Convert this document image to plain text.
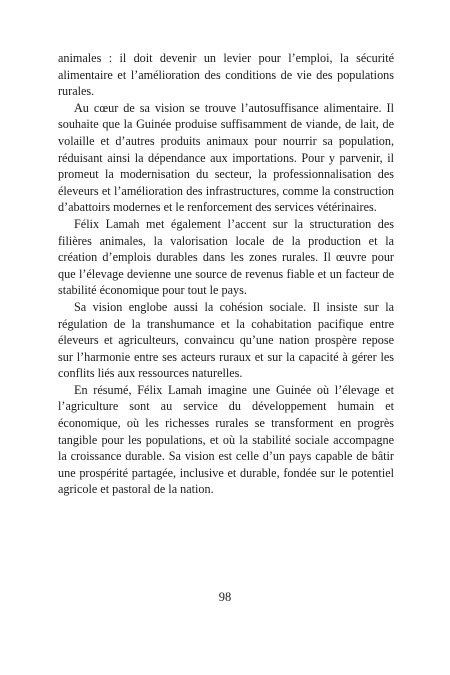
animales : il doit devenir un levier pour l’emploi, la sécurité alimentaire et l’amélioration des conditions de vie des populations rurales.

Au cœur de sa vision se trouve l’autosuffisance alimentaire. Il souhaite que la Guinée produise suffisamment de viande, de lait, de volaille et d’autres produits animaux pour nourrir sa population, réduisant ainsi la dépendance aux importations. Pour y parvenir, il promeut la modernisation du secteur, la professionnalisation des éleveurs et l’amélioration des infrastructures, comme la construction d’abattoirs modernes et le renforcement des services vétérinaires.

Félix Lamah met également l’accent sur la structuration des filières animales, la valorisation locale de la production et la création d’emplois durables dans les zones rurales. Il œuvre pour que l’élevage devienne une source de revenus fiable et un facteur de stabilité économique pour tout le pays.

Sa vision englobe aussi la cohésion sociale. Il insiste sur la régulation de la transhumance et la cohabitation pacifique entre éleveurs et agriculteurs, convaincu qu’une nation prospère repose sur l’harmonie entre ses acteurs ruraux et sur la capacité à gérer les conflits liés aux ressources naturelles.

En résumé, Félix Lamah imagine une Guinée où l’élevage et l’agriculture sont au service du développement humain et économique, où les richesses rurales se transforment en progrès tangible pour les populations, et où la stabilité sociale accompagne la croissance durable. Sa vision est celle d’un pays capable de bâtir une prospérité partagée, inclusive et durable, fondée sur le potentiel agricole et pastoral de la nation.

98
